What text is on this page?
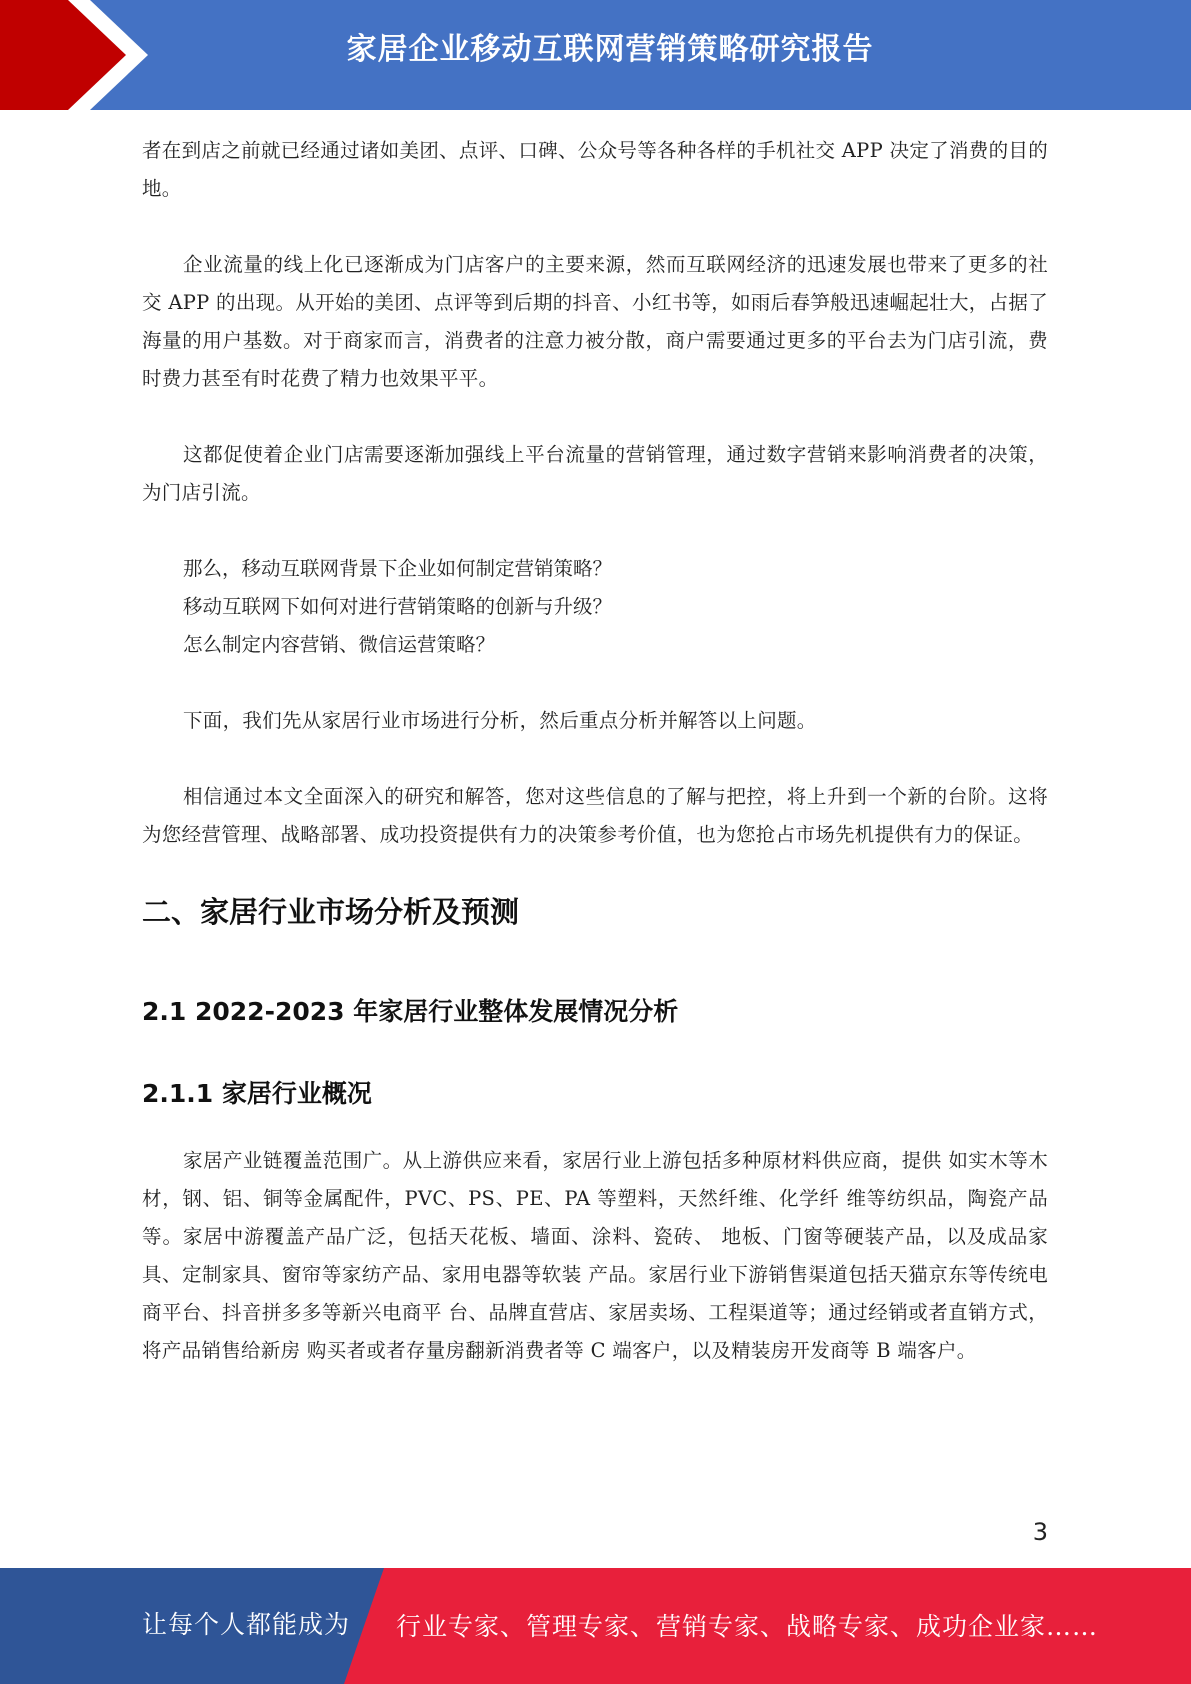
家居企业移动互联网营销策略研究报告

者在到店之前就已经通过诸如美团、点评、口碑、公众号等各种各样的手机社交 APP 决定了消费的目的地。

企业流量的线上化已逐渐成为门店客户的主要来源，然而互联网经济的迅速发展也带来了更多的社交 APP 的出现。从开始的美团、点评等到后期的抖音、小红书等，如雨后春笋般迅速崛起壮大，占据了海量的用户基数。对于商家而言，消费者的注意力被分散，商户需要通过更多的平台去为门店引流，费时费力甚至有时花费了精力也效果平平。

这都促使着企业门店需要逐渐加强线上平台流量的营销管理，通过数字营销来影响消费者的决策，为门店引流。

那么，移动互联网背景下企业如何制定营销策略？

移动互联网下如何对进行营销策略的创新与升级？

怎么制定内容营销、微信运营策略？

下面，我们先从家居行业市场进行分析，然后重点分析并解答以上问题。

相信通过本文全面深入的研究和解答，您对这些信息的了解与把控，将上升到一个新的台阶。这将为您经营管理、战略部署、成功投资提供有力的决策参考价值，也为您抢占市场先机提供有力的保证。

二、家居行业市场分析及预测
2.1 2022-2023 年家居行业整体发展情况分析
2.1.1 家居行业概况

家居产业链覆盖范围广。从上游供应来看，家居行业上游包括多种原材料供应商，提供 如实木等木材，钢、铝、铜等金属配件，PVC、PS、PE、PA 等塑料，天然纤维、化学纤 维等纺织品，陶瓷产品等。家居中游覆盖产品广泛，包括天花板、墙面、涂料、瓷砖、 地板、门窗等硬装产品，以及成品家具、定制家具、窗帘等家纺产品、家用电器等软装 产品。家居行业下游销售渠道包括天猫京东等传统电商平台、抖音拼多多等新兴电商平 台、品牌直营店、家居卖场、工程渠道等；通过经销或者直销方式，将产品销售给新房 购买者或者存量房翻新消费者等 C 端客户，以及精装房开发商等 B 端客户。

3
让每个人都能成为 行业专家、管理专家、营销专家、战略专家、成功企业家……
